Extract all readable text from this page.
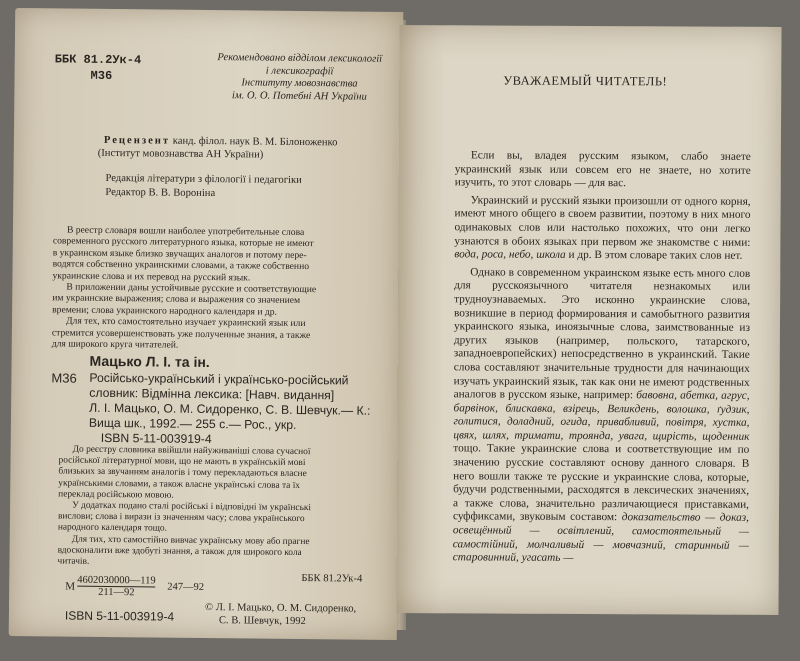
ББК 81.2Ук-4
М36
Рекомендовано відділом лексикології
і лексикографії
Інституту мовознавства
ім. О. О. Потебні АН України
Рецензент канд. філол. наук В. М. Білоноженко
(Інститут мовознавства АН України)
Редакція літератури з філології і педагогіки
Редактор В. В. Вороніна
В реестр словаря вошли наиболее употребительные слова
современного русского литературного языка, которые не имеют
в украинском языке близко звучащих аналогов и потому пере-
водятся собственно украинскими словами, а также собственно
украинские слова и их перевод на русский язык.
В приложении даны устойчивые русские и соответствующие
им украинские выражения; слова и выражения со значением
времени; слова украинского народного календаря и др.
Для тех, кто самостоятельно изучает украинский язык или
стремится усовершенствовать уже полученные знания, а также
для широкого круга читателей.
Мацько Л. І. та ін.
М36 Російсько-український і українсько-російський
словник: Відмінна лексика: [Навч. видання]
Л. І. Мацько, О. М. Сидоренко, С. В. Шевчук.— К.:
Вища шк., 1992.— 255 с.— Рос., укр.
ISBN 5-11-003919-4
До реєстру словника ввійшли найуживаніші слова сучасної
російської літературної мови, що не мають в українській мові
близьких за звучанням аналогів і тому перекладаються власне
українськими словами, а також власне українські слова та їх
переклад російською мовою.
У додатках подано сталі російські і відповідні їм українські
вислови; слова і вирази із значенням часу; слова українського
народного календаря тощо.
Для тих, хто самостійно вивчає українську мову або прагне
вдосконалити вже здобуті знання, а також для широкого кола
читачів.
ББК 81.2Ук-4
М $\frac{4602030000—119}{211—92}$ 247—92
© Л. І. Мацько, О. М. Сидоренко,
С. В. Шевчук, 1992
ISBN 5-11-003919-4
УВАЖАЕМЫЙ ЧИТАТЕЛЬ!

Если вы, владея русским языком, слабо знаете украинский язык или совсем его не знаете, но хотите изучить, то этот словарь — для вас.

Украинский и русский языки произошли от одного корня, имеют много общего в своем развитии, поэтому в них много одинаковых слов или настолько похожих, что они легко узнаются в обоих языках при первом же знакомстве с ними: вода, роса, небо, школа и др. В этом словаре таких слов нет.

Однако в современном украинском языке есть много слов для русскоязычного читателя незнакомых или трудноузнаваемых. Это исконно украинские слова, возникшие в период формирования и самобытного развития украинского языка, иноязычные слова, заимствованные из других языков (например, польского, татарского, западноевропейских) непосредственно в украинский. Такие слова составляют значительные трудности для начинающих изучать украинский язык, так как они не имеют родственных аналогов в русском языке, например: бавовна, абетка, агрус, барвінок, блискавка, взірець, Великдень, волошка, ґудзик, голитися, доладний, огида, привабливий, повітря, хустка, цвях, шлях, тримати, троянда, увага, щирість, щоденник тощо. Такие украинские слова и соответствующие им по значению русские составляют основу данного словаря. В него вошли также те русские и украинские слова, которые, будучи родственными, расходятся в лексических значениях, а также слова, значительно различающиеся приставками, суффиксами, звуковым составом: доказательство — доказ, освещённый — освітлений, самостоятельный — самостійний, молчаливый — мовчазний, старинный — старовинний, угасать —
